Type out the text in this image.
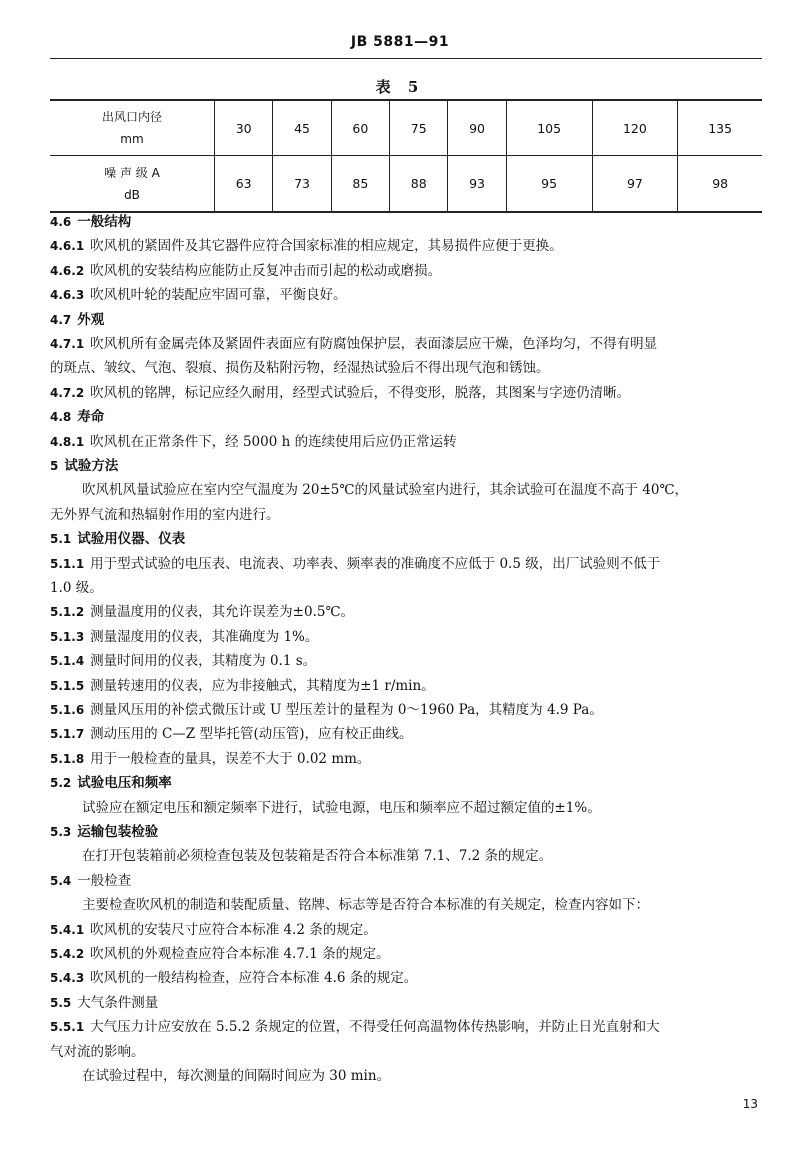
JB 5881—91
表 5
出风口内径
mm	30	45	60	75	90	105	120	135

噪 声 级 A
dB	63	73	85	88	93	95	97	98
4.6 一般结构
4.6.1 吹风机的紧固件及其它器件应符合国家标准的相应规定，其易损件应便于更换。
4.6.2 吹风机的安装结构应能防止反复冲击而引起的松动或磨损。
4.6.3 吹风机叶轮的装配应牢固可靠，平衡良好。
4.7 外观
4.7.1 吹风机所有金属壳体及紧固件表面应有防腐蚀保护层，表面漆层应干燥，色泽均匀，不得有明显
的斑点、皱纹、气泡、裂痕、损伤及粘附污物，经湿热试验后不得出现气泡和锈蚀。
4.7.2 吹风机的铭牌，标记应经久耐用，经型式试验后，不得变形，脱落，其图案与字迹仍清晰。
4.8 寿命
4.8.1 吹风机在正常条件下，经 5000 h 的连续使用后应仍正常运转
5 试验方法
吹风机风量试验应在室内空气温度为 20±5℃的风量试验室内进行，其余试验可在温度不高于 40℃，
无外界气流和热辐射作用的室内进行。
5.1 试验用仪器、仪表
5.1.1 用于型式试验的电压表、电流表、功率表、频率表的准确度不应低于 0.5 级，出厂试验则不低于
1.0 级。
5.1.2 测量温度用的仪表，其允许误差为±0.5℃。
5.1.3 测量湿度用的仪表，其准确度为 1%。
5.1.4 测量时间用的仪表，其精度为 0.1 s。
5.1.5 测量转速用的仪表，应为非接触式，其精度为±1 r/min。
5.1.6 测量风压用的补偿式微压计或 U 型压差计的量程为 0～1960 Pa，其精度为 4.9 Pa。
5.1.7 测动压用的 C—Z 型毕托管(动压管)，应有校正曲线。
5.1.8 用于一般检查的量具，误差不大于 0.02 mm。
5.2 试验电压和频率
试验应在额定电压和额定频率下进行，试验电源，电压和频率应不超过额定值的±1%。
5.3 运输包装检验
在打开包装箱前必须检查包装及包装箱是否符合本标准第 7.1、7.2 条的规定。
5.4 一般检查
主要检查吹风机的制造和装配质量、铭牌、标志等是否符合本标准的有关规定，检查内容如下：
5.4.1 吹风机的安装尺寸应符合本标准 4.2 条的规定。
5.4.2 吹风机的外观检查应符合本标准 4.7.1 条的规定。
5.4.3 吹风机的一般结构检查，应符合本标准 4.6 条的规定。
5.5 大气条件测量
5.5.1 大气压力计应安放在 5.5.2 条规定的位置，不得受任何高温物体传热影响，并防止日光直射和大
气对流的影响。
在试验过程中，每次测量的间隔时间应为 30 min。
13
